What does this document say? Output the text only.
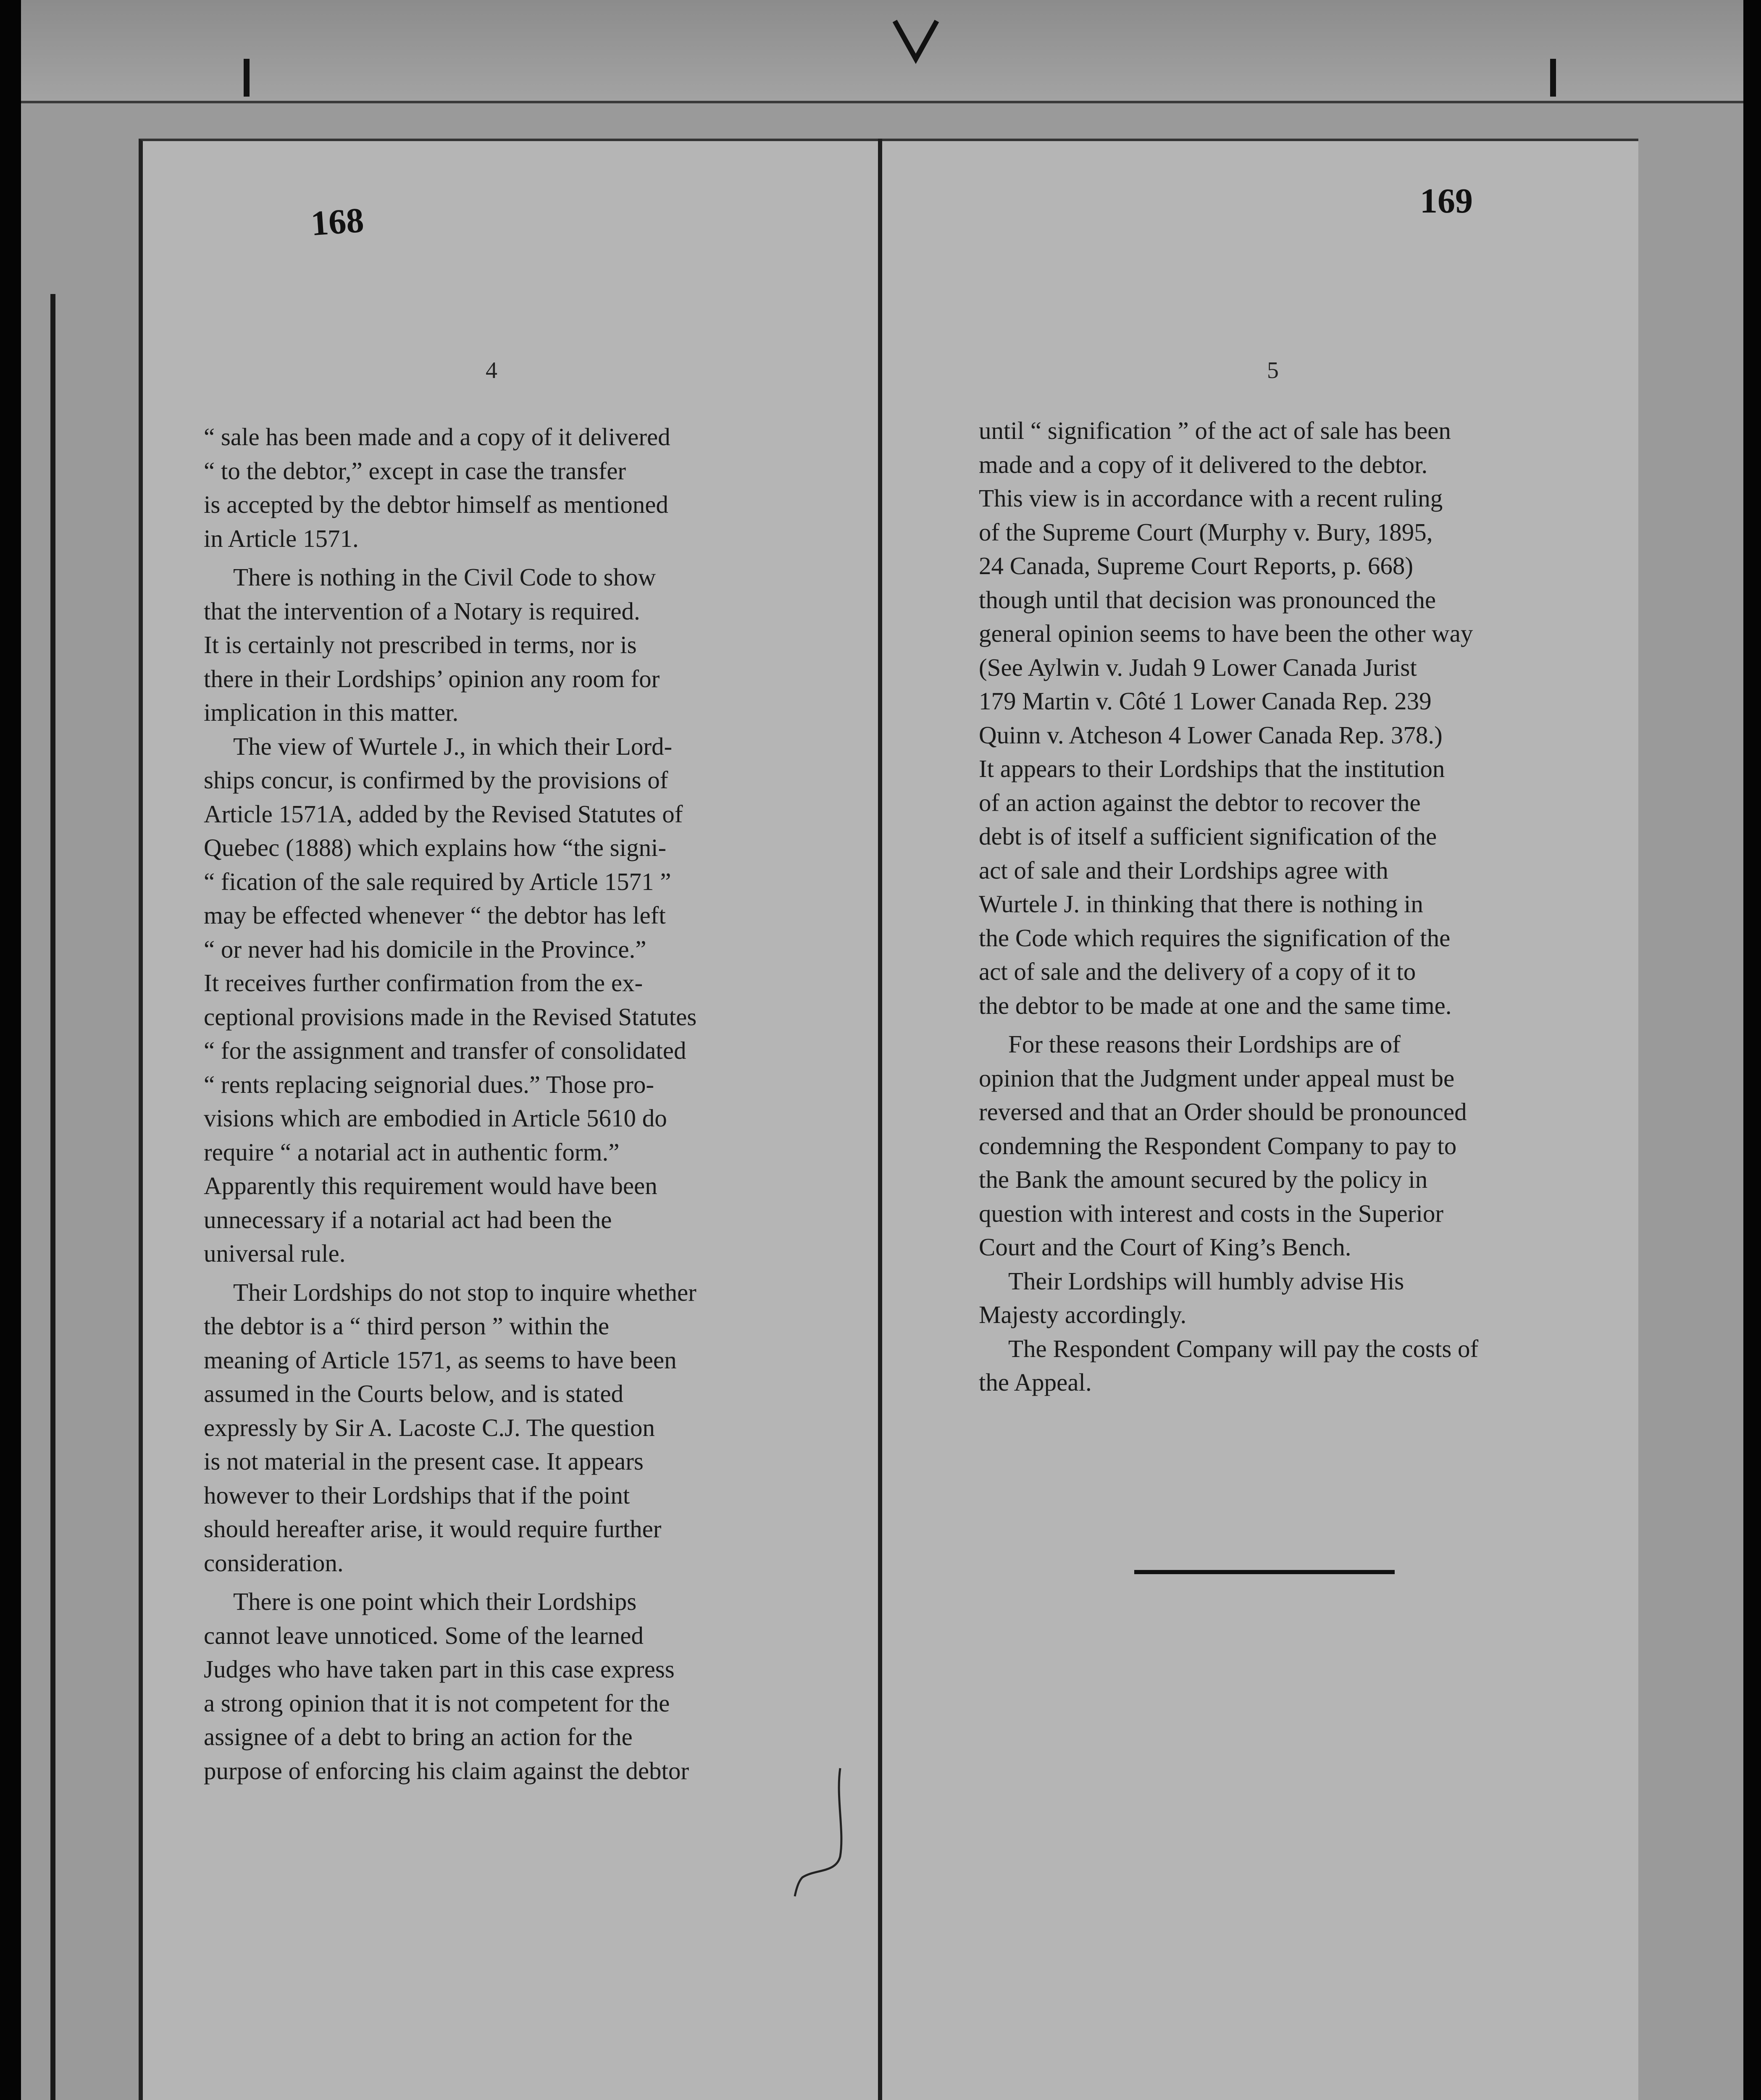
168	169
4	5

“ sale has been made and a copy of it delivered

“ to the debtor,” except in case the transfer

is accepted by the debtor himself as mentioned

in Article 1571.

There is nothing in the Civil Code to show

that the intervention of a Notary is required.

It is certainly not prescribed in terms, nor is

there in their Lordships’ opinion any room for

implication in this matter.

The view of Wurtele J., in which their Lord-

ships concur, is confirmed by the provisions of

Article 1571A, added by the Revised Statutes of

Quebec (1888) which explains how “the signi-

“ fication of the sale required by Article 1571 ”

may be effected whenever “ the debtor has left

“ or never had his domicile in the Province.”

It receives further confirmation from the ex-

ceptional provisions made in the Revised Statutes

“ for the assignment and transfer of consolidated

“ rents replacing seignorial dues.” Those pro-

visions which are embodied in Article 5610 do

require “ a notarial act in authentic form.”

Apparently this requirement would have been

unnecessary if a notarial act had been the

universal rule.

Their Lordships do not stop to inquire whether

the debtor is a “ third person ” within the

meaning of Article 1571, as seems to have been

assumed in the Courts below, and is stated

expressly by Sir A. Lacoste C.J. The question

is not material in the present case. It appears

however to their Lordships that if the point

should hereafter arise, it would require further

consideration.

There is one point which their Lordships

cannot leave unnoticed. Some of the learned

Judges who have taken part in this case express

a strong opinion that it is not competent for the

assignee of a debt to bring an action for the

purpose of enforcing his claim against the debtor

until “ signification ” of the act of sale has been

made and a copy of it delivered to the debtor.

This view is in accordance with a recent ruling

of the Supreme Court (Murphy v. Bury, 1895,

24 Canada, Supreme Court Reports, p. 668)

though until that decision was pronounced the

general opinion seems to have been the other way

(See Aylwin v. Judah 9 Lower Canada Jurist

179 Martin v. Côté 1 Lower Canada Rep. 239

Quinn v. Atcheson 4 Lower Canada Rep. 378.)

It appears to their Lordships that the institution

of an action against the debtor to recover the

debt is of itself a sufficient signification of the

act of sale and their Lordships agree with

Wurtele J. in thinking that there is nothing in

the Code which requires the signification of the

act of sale and the delivery of a copy of it to

the debtor to be made at one and the same time.

For these reasons their Lordships are of

opinion that the Judgment under appeal must be

reversed and that an Order should be pronounced

condemning the Respondent Company to pay to

the Bank the amount secured by the policy in

question with interest and costs in the Superior

Court and the Court of King’s Bench.

Their Lordships will humbly advise His

Majesty accordingly.

The Respondent Company will pay the costs of

the Appeal.
